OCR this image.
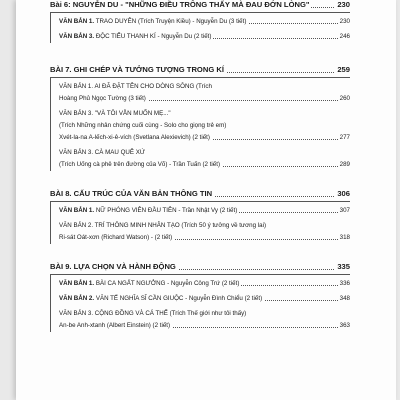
Bài 6: NGUYỄN DU - "NHỮNG ĐIỀU TRÔNG THẤY MÀ ĐAU ĐỚN LÒNG"	230
VĂN BẢN 1. TRAO DUYÊN (Trích Truyện Kiều) - Nguyễn Du (3 tiết)	230
VĂN BẢN 3. ĐỘC TIỂU THANH KÍ - Nguyễn Du (2 tiết)	246
BÀI 7. GHI CHÉP VÀ TƯỞNG TƯỢNG TRONG KÍ	259
VĂN BẢN 1. AI ĐÃ ĐẶT TÊN CHO DÒNG SÔNG (Trích
Hoàng Phủ Ngọc Tường (3 tiết)	260
VĂN BẢN 3. "VÀ TÔI VẪN MUỐN MẸ..."
(Trích Những nhân chứng cuối cùng - Solo cho giọng trẻ em)
Xvét-la-na A-lếch-xi-ê-vích (Svetlana Alexievich) (2 tiết)	277
VĂN BẢN 3. CÀ MAU QUÊ XỨ
(Trích Uống cà phê trên đường của Võ) - Trần Tuấn (2 tiết)	289
BÀI 8. CẤU TRÚC CỦA VĂN BẢN THÔNG TIN	306
VĂN BẢN 1. NỮ PHÓNG VIÊN ĐẦU TIÊN - Trần Nhật Vy (2 tiết)	307
VĂN BẢN 2. TRÍ THÔNG MINH NHÂN TẠO (Trích 50 ý tưởng về tương lai)
Ri-sát Oát-xơn (Richard Watson) - (2 tiết)	318
BÀI 9. LỰA CHỌN VÀ HÀNH ĐỘNG	335
VĂN BẢN 1. BÀI CA NGẤT NGƯỞNG - Nguyễn Công Trứ (2 tiết)	336
VĂN BẢN 2. VĂN TẾ NGHĨA SĨ CẦN GIUỘC - Nguyễn Đình Chiểu (2 tiết)	348
VĂN BẢN 3. CỘNG ĐỒNG VÀ CÁ THỂ (Trích Thế giới như tôi thấy)
An-be Anh-xtanh (Albert Einstein) (2 tiết)	363
